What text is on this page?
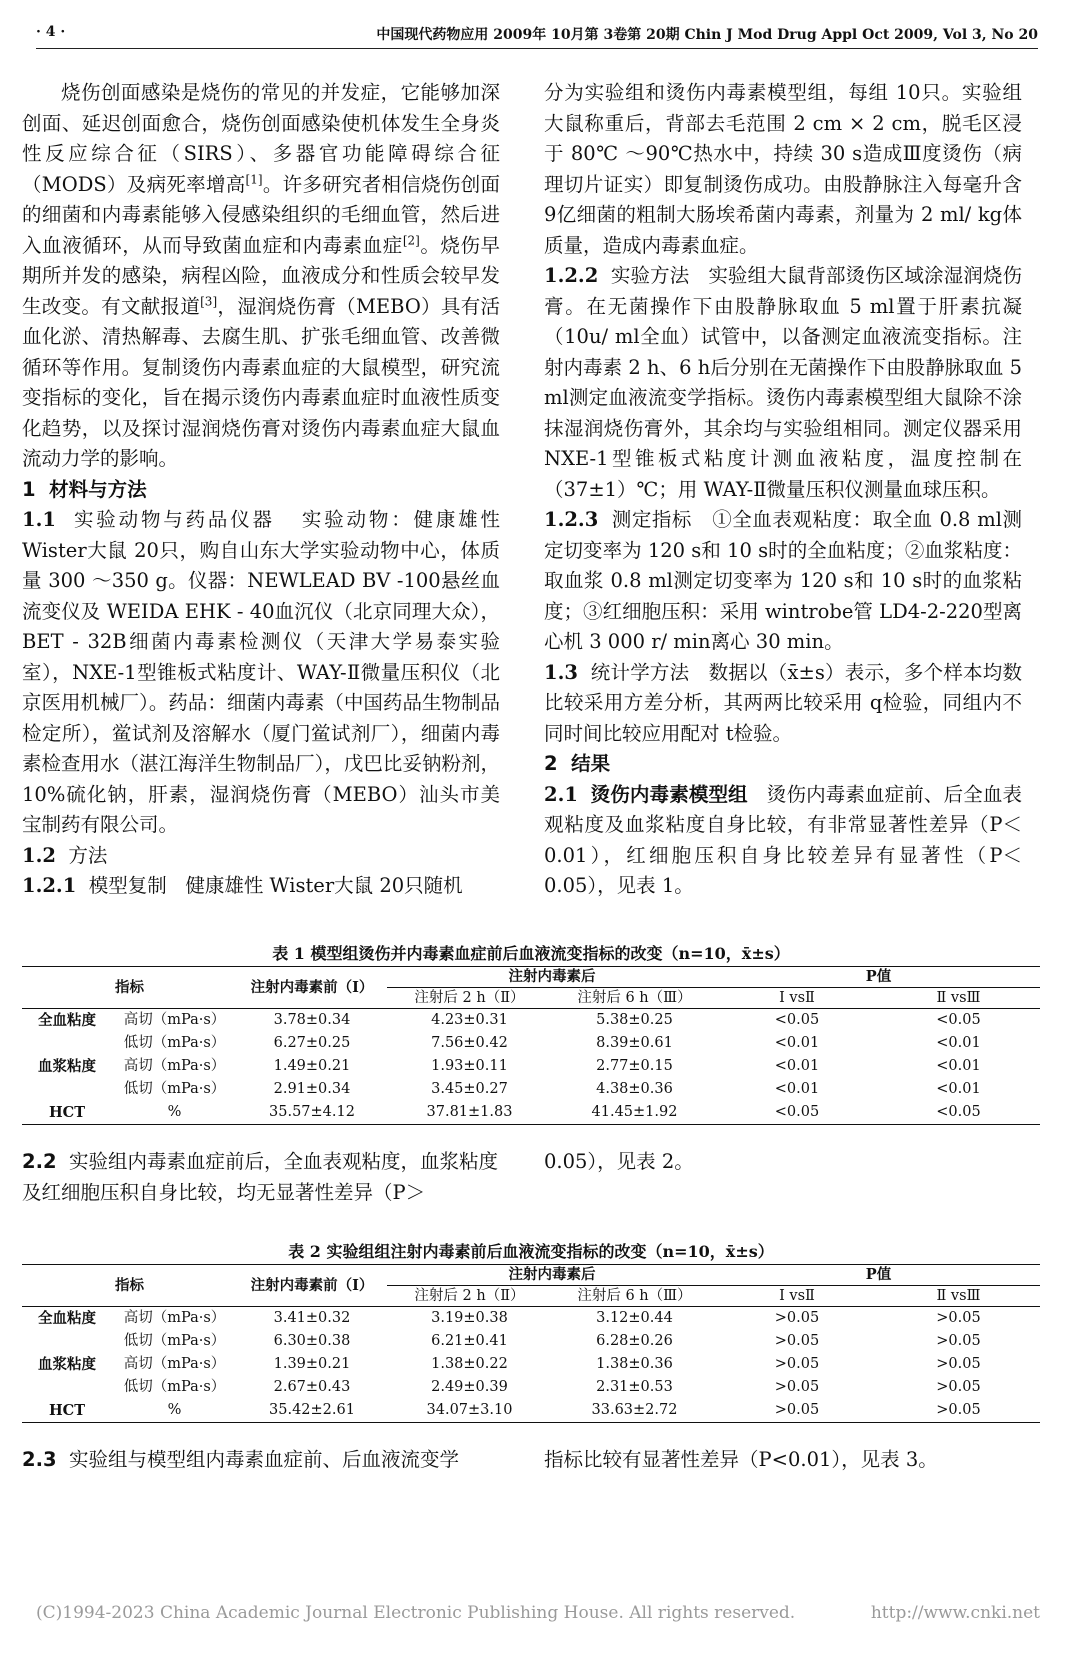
· 4 ·	中国现代药物应用 2009年 10月第 3卷第 20期 Chin J Mod Drug Appl Oct 2009, Vol 3, No 20

烧伤创面感染是烧伤的常见的并发症，它能够加深创面、延迟创面愈合，烧伤创面感染使机体发生全身炎性反应综合征（SIRS）、多器官功能障碍综合征（MODS）及病死率增高[1]。许多研究者相信烧伤创面的细菌和内毒素能够入侵感染组织的毛细血管，然后进入血液循环，从而导致菌血症和内毒素血症[2]。烧伤早期所并发的感染，病程凶险，血液成分和性质会较早发生改变。有文献报道[3]，湿润烧伤膏（MEBO）具有活血化淤、清热解毒、去腐生肌、扩张毛细血管、改善微循环等作用。复制烫伤内毒素血症的大鼠模型，研究流变指标的变化，旨在揭示烫伤内毒素血症时血液性质变化趋势，以及探讨湿润烧伤膏对烫伤内毒素血症大鼠血流动力学的影响。

1 材料与方法

1.1 实验动物与药品仪器 实验动物：健康雄性 Wister大鼠 20只，购自山东大学实验动物中心，体质量 300 ～350 g。仪器：NEWLEAD BV -100悬丝血流变仪及 WEIDA EHK - 40血沉仪（北京同理大众），BET - 32B细菌内毒素检测仪（天津大学易泰实验室），NXE-1型锥板式粘度计、WAY-Ⅱ微量压积仪（北京医用机械厂）。药品：细菌内毒素（中国药品生物制品检定所），鲎试剂及溶解水（厦门鲎试剂厂），细菌内毒素检查用水（湛江海洋生物制品厂），戊巴比妥钠粉剂，10%硫化钠，肝素，湿润烧伤膏（MEBO）汕头市美宝制药有限公司。

1.2 方法

1.2.1 模型复制 健康雄性 Wister大鼠 20只随机

分为实验组和烫伤内毒素模型组，每组 10只。实验组大鼠称重后，背部去毛范围 2 cm × 2 cm，脱毛区浸于 80℃ ～90℃热水中，持续 30 s造成Ⅲ度烫伤（病理切片证实）即复制烫伤成功。由股静脉注入每毫升含 9亿细菌的粗制大肠埃希菌内毒素，剂量为 2 ml/ kg体质量，造成内毒素血症。

1.2.2 实验方法 实验组大鼠背部烫伤区域涂湿润烧伤膏。在无菌操作下由股静脉取血 5 ml置于肝素抗凝（10u/ ml全血）试管中，以备测定血液流变指标。注射内毒素 2 h、6 h后分别在无菌操作下由股静脉取血 5 ml测定血液流变学指标。烫伤内毒素模型组大鼠除不涂抹湿润烧伤膏外，其余均与实验组相同。测定仪器采用 NXE-1型锥板式粘度计测血液粘度，温度控制在（37±1）℃；用 WAY-Ⅱ微量压积仪测量血球压积。

1.2.3 测定指标 ①全血表观粘度：取全血 0.8 ml测定切变率为 120 s和 10 s时的全血粘度；②血浆粘度：取血浆 0.8 ml测定切变率为 120 s和 10 s时的血浆粘度；③红细胞压积：采用 wintrobe管 LD4-2-220型离心机 3 000 r/ min离心 30 min。

1.3 统计学方法 数据以（x̄±s）表示，多个样本均数比较采用方差分析，其两两比较采用 q检验，同组内不同时间比较应用配对 t检验。

2 结果

2.1 烫伤内毒素模型组 烫伤内毒素血症前、后全血表观粘度及血浆粘度自身比较，有非常显著性差异（P＜ 0.01），红细胞压积自身比较差异有显著性（P＜ 0.05），见表 1。

表 1 模型组烫伤并内毒素血症前后血液流变指标的改变（n=10，x̄±s）
指标		注射内毒素前（Ⅰ）	注射内毒素后		P值	
			注射后 2 h（Ⅱ）	注射后 6 h（Ⅲ）	Ⅰ vsⅡ	Ⅱ vsⅢ
全血粘度	高切（mPa·s）	3.78±0.34	4.23±0.31	5.38±0.25	<0.05	<0.05
	低切（mPa·s）	6.27±0.25	7.56±0.42	8.39±0.61	<0.01	<0.01
血浆粘度	高切（mPa·s）	1.49±0.21	1.93±0.11	2.77±0.15	<0.01	<0.01
	低切（mPa·s）	2.91±0.34	3.45±0.27	4.38±0.36	<0.01	<0.01
HCT	%	35.57±4.12	37.81±1.83	41.45±1.92	<0.05	<0.05

2.2 实验组内毒素血症前后，全血表观粘度，血浆粘度及红细胞压积自身比较，均无显著性差异（P＞

0.05），见表 2。

表 2 实验组组注射内毒素前后血液流变指标的改变（n=10，x̄±s）
指标		注射内毒素前（Ⅰ）	注射内毒素后		P值	
			注射后 2 h（Ⅱ）	注射后 6 h（Ⅲ）	Ⅰ vsⅡ	Ⅱ vsⅢ
全血粘度	高切（mPa·s）	3.41±0.32	3.19±0.38	3.12±0.44	>0.05	>0.05
	低切（mPa·s）	6.30±0.38	6.21±0.41	6.28±0.26	>0.05	>0.05
血浆粘度	高切（mPa·s）	1.39±0.21	1.38±0.22	1.38±0.36	>0.05	>0.05
	低切（mPa·s）	2.67±0.43	2.49±0.39	2.31±0.53	>0.05	>0.05
HCT	%	35.42±2.61	34.07±3.10	33.63±2.72	>0.05	>0.05

2.3 实验组与模型组内毒素血症前、后血液流变学	指标比较有显著性差异（P<0.01），见表 3。

(C)1994-2023 China Academic Journal Electronic Publishing House. All rights reserved.	http://www.cnki.net
